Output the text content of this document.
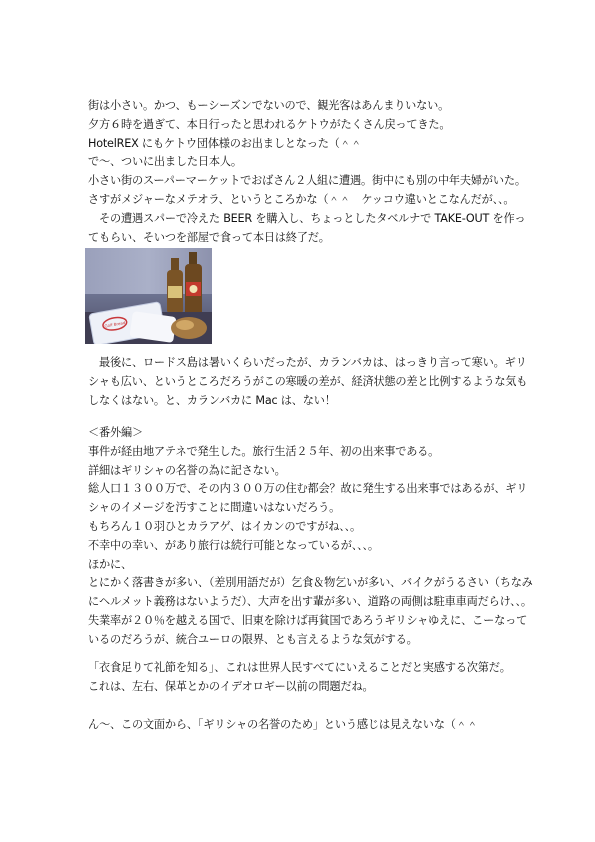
街は小さい。かつ、もーシーズンでないので、観光客はあんまりいない。
夕方６時を過ぎて、本日行ったと思われるケトウがたくさん戻ってきた。
HotelREX にもケトウ団体様のお出ましとなった（＾＾
で〜、ついに出ました日本人。
小さい街のスーパーマーケットでおばさん２人組に遭遇。街中にも別の中年夫婦がいた。
さすがメジャーなメテオラ、というところかな（＾＾　ケッコウ違いとこなんだが、、。
　その遭遇スパーで冷えた BEER を購入し、ちょっとしたタベルナで TAKE-OUT を作っ
てもらい、そいつを部屋で食って本日は終了だ。
Golf Bread
　最後に、ロードス島は暑いくらいだったが、カランバカは、はっきり言って寒い。ギリ
シャも広い、というところだろうがこの寒暖の差が、経済状態の差と比例するような気も
しなくはない。と、カランバカに Mac は、ない！
＜番外編＞
事件が経由地アテネで発生した。旅行生活２５年、初の出来事である。
詳細はギリシャの名誉の為に記さない。
総人口１３００万で、その内３００万の住む都会？故に発生する出来事ではあるが、ギリ
シャのイメージを汚すことに間違いはないだろう。
もちろん１０羽ひとカラアゲ、はイカンのですがね、、。
不幸中の幸い、があり旅行は続行可能となっているが、、、。
ほかに、
とにかく落書きが多い、（差別用語だが）乞食＆物乞いが多い、バイクがうるさい（ちなみ
にヘルメット義務はないようだ）、大声を出す輩が多い、道路の両側は駐車車両だらけ、、。
失業率が２０％を越える国で、旧東を除けば再貧国であろうギリシャゆえに、こーなって
いるのだろうが、統合ユーロの限界、とも言えるような気がする。
「衣食足りて礼節を知る」、これは世界人民すべてにいえることだと実感する次第だ。
これは、左右、保革とかのイデオロギー以前の問題だね。
ん〜、この文面から、「ギリシャの名誉のため」という感じは見えないな（＾＾
